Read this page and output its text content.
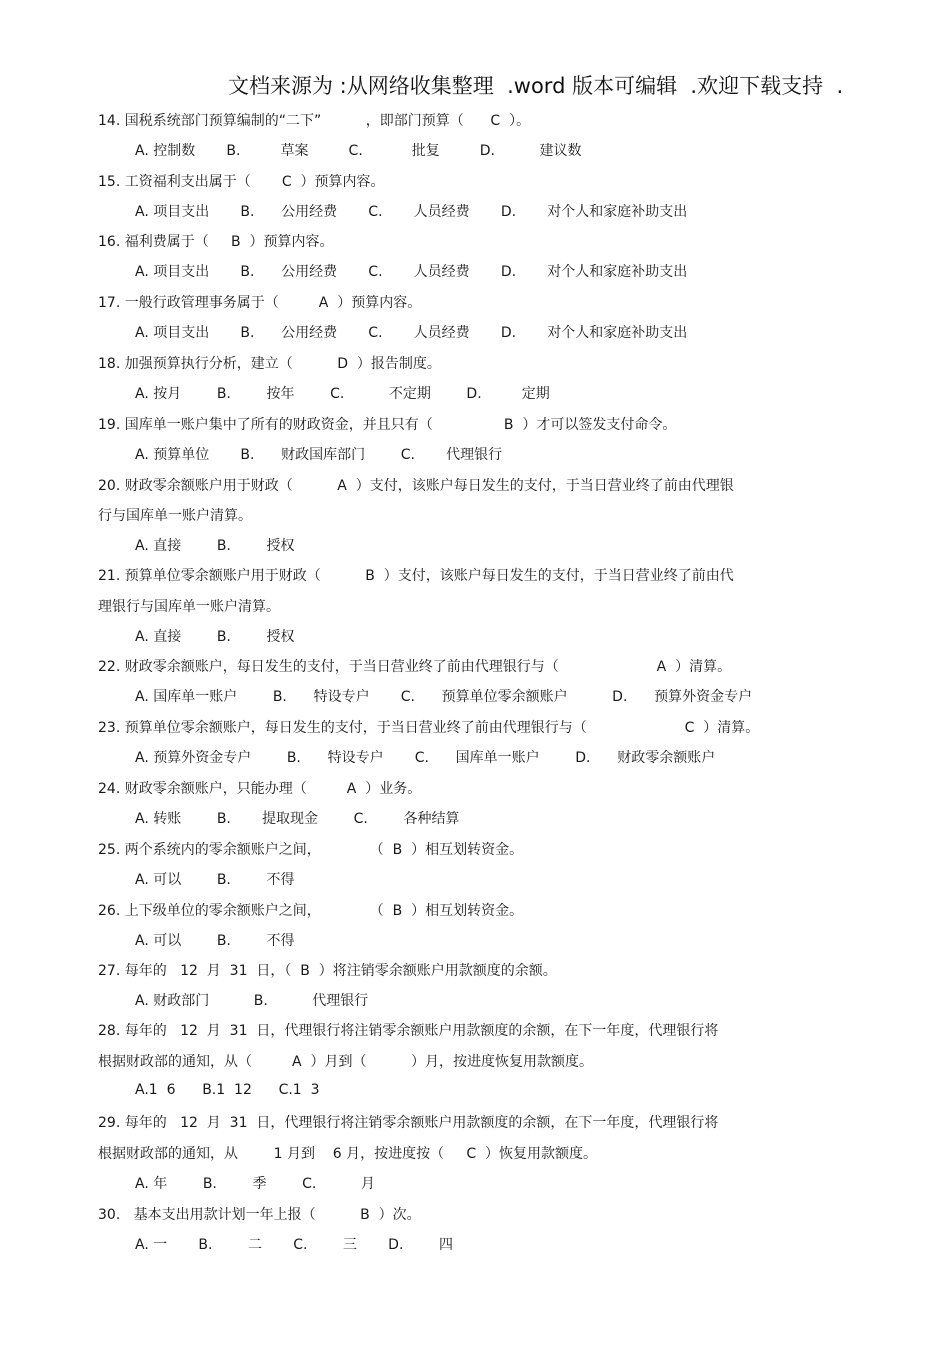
文档来源为 :从网络收集整理  .word 版本可编辑  .欢迎下载支持  .
14. 国税系统部门预算编制的“二下”          ，即部门预算（      C  ）。
A. 控制数       B.         草案         C.           批复         D.          建议数
15. 工资福利支出属于（       C  ）预算内容。
A. 项目支出       B.      公用经费       C.       人员经费       D.       对个人和家庭补助支出
16. 福利费属于（     B  ）预算内容。
A. 项目支出       B.      公用经费       C.       人员经费       D.       对个人和家庭补助支出
17. 一般行政管理事务属于（         A  ）预算内容。
A. 项目支出       B.      公用经费       C.       人员经费       D.       对个人和家庭补助支出
18. 加强预算执行分析，建立（          D  ）报告制度。
A. 按月        B.        按年        C.          不定期        D.         定期
19. 国库单一账户集中了所有的财政资金，并且只有（                B  ）才可以签发支付命令。
A. 预算单位       B.      财政国库部门        C.       代理银行
20. 财政零余额账户用于财政（          A  ）支付，该账户每日发生的支付，于当日营业终了前由代理银
行与国库单一账户清算。
A. 直接        B.        授权
21. 预算单位零余额账户用于财政（          B  ）支付，该账户每日发生的支付，于当日营业终了前由代
理银行与国库单一账户清算。
A. 直接        B.        授权
22. 财政零余额账户，每日发生的支付，于当日营业终了前由代理银行与（                      A  ）清算。
A. 国库单一账户        B.      特设专户       C.      预算单位零余额账户          D.      预算外资金专户
23. 预算单位零余额账户，每日发生的支付，于当日营业终了前由代理银行与（                      C  ）清算。
A. 预算外资金专户        B.      特设专户       C.      国库单一账户        D.      财政零余额账户
24. 财政零余额账户，只能办理（         A  ）业务。
A. 转账        B.       提取现金        C.        各种结算
25. 两个系统内的零余额账户之间，           （  B  ）相互划转资金。
A. 可以        B.        不得
26. 上下级单位的零余额账户之间，           （  B  ）相互划转资金。
A. 可以        B.        不得
27. 每年的   12  月  31  日，（  B  ）将注销零余额账户用款额度的余额。
A. 财政部门          B.          代理银行
28. 每年的   12  月  31  日，代理银行将注销零余额账户用款额度的余额，在下一年度，代理银行将
根据财政部的通知，从（         A  ）月到（          ）月，按进度恢复用款额度。
A.1  6      B.1  12      C.1  3
29. 每年的   12  月  31  日，代理银行将注销零余额账户用款额度的余额，在下一年度，代理银行将
根据财政部的通知，从        1 月到    6 月，按进度按（     C  ）恢复用款额度。
A. 年        B.        季        C.          月
30.   基本支出用款计划一年上报（          B  ）次。
A. 一       B.        二       C.        三       D.        四
